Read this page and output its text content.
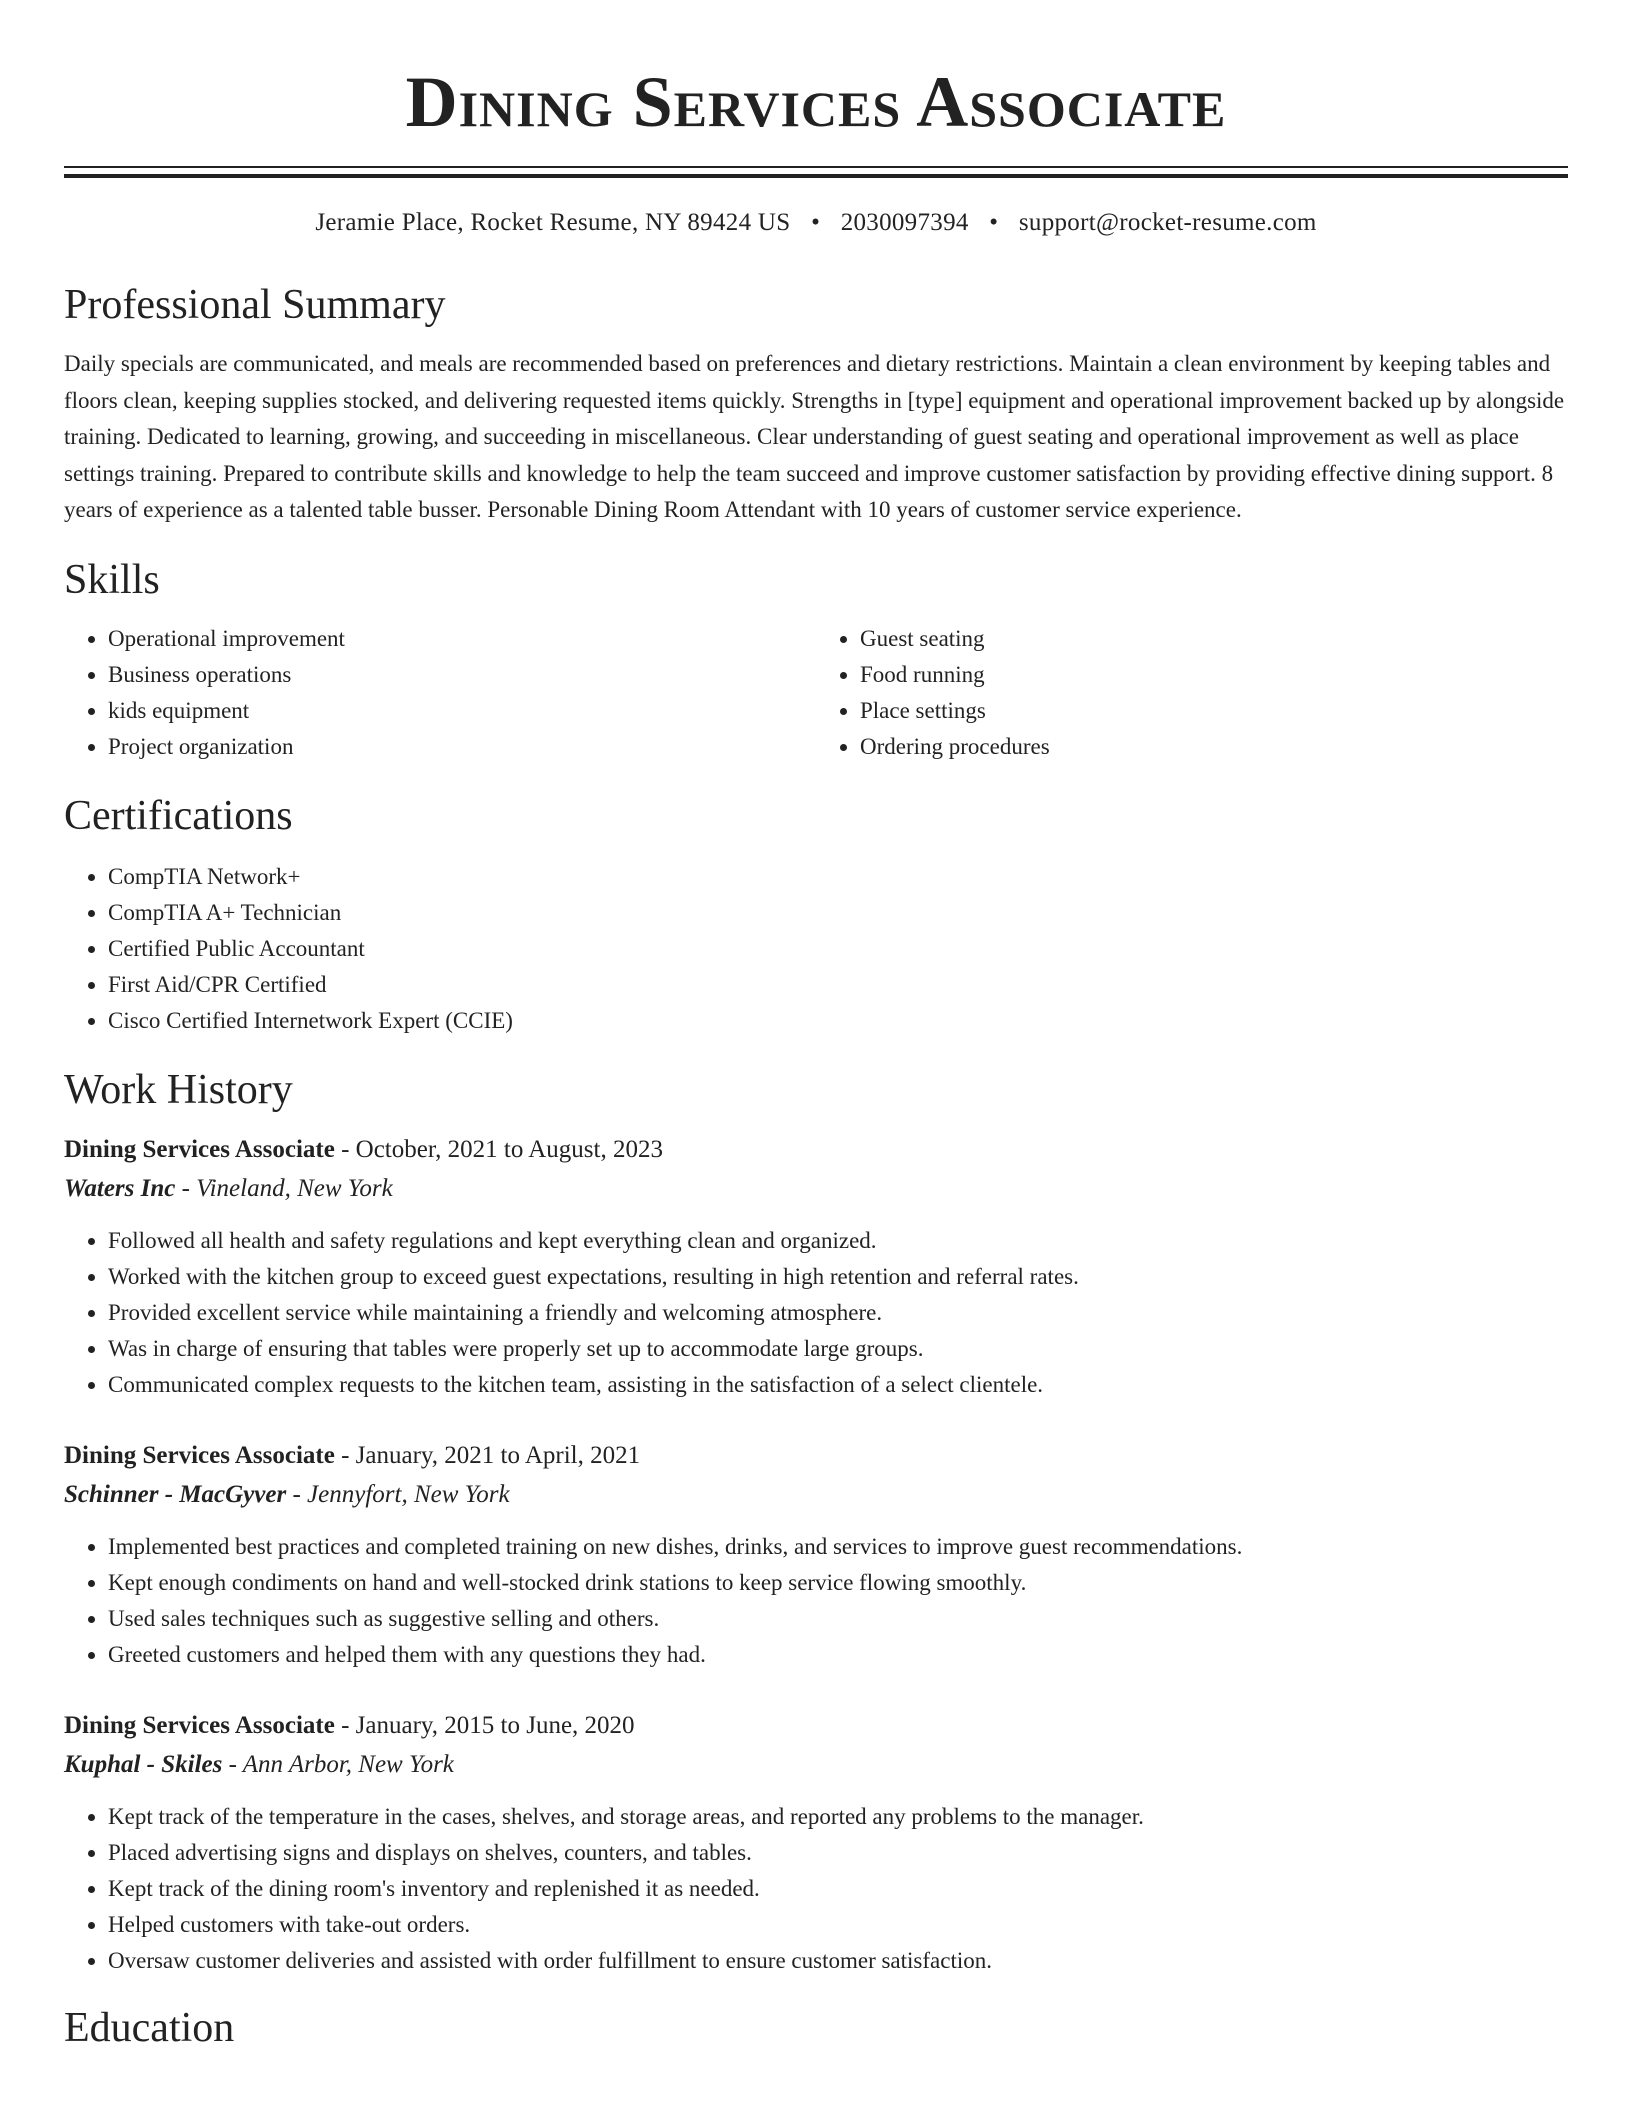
Dining Services Associate
Jeramie Place, Rocket Resume, NY 89424 US • 2030097394 • support@rocket-resume.com
Professional Summary

Daily specials are communicated, and meals are recommended based on preferences and dietary restrictions. Maintain a clean environment by keeping tables and floors clean, keeping supplies stocked, and delivering requested items quickly. Strengths in [type] equipment and operational improvement backed up by alongside training. Dedicated to learning, growing, and succeeding in miscellaneous. Clear understanding of guest seating and operational improvement as well as place settings training. Prepared to contribute skills and knowledge to help the team succeed and improve customer satisfaction by providing effective dining support. 8 years of experience as a talented table busser. Personable Dining Room Attendant with 10 years of customer service experience.

Skills
• Operational improvement
• Business operations
• kids equipment
• Project organization
• Guest seating
• Food running
• Place settings
• Ordering procedures
Certifications
• CompTIA Network+
• CompTIA A+ Technician
• Certified Public Accountant
• First Aid/CPR Certified
• Cisco Certified Internetwork Expert (CCIE)
Work History
Dining Services Associate - October, 2021 to August, 2023
Waters Inc - Vineland, New York
• Followed all health and safety regulations and kept everything clean and organized.
• Worked with the kitchen group to exceed guest expectations, resulting in high retention and referral rates.
• Provided excellent service while maintaining a friendly and welcoming atmosphere.
• Was in charge of ensuring that tables were properly set up to accommodate large groups.
• Communicated complex requests to the kitchen team, assisting in the satisfaction of a select clientele.
Dining Services Associate - January, 2021 to April, 2021
Schinner - MacGyver - Jennyfort, New York
• Implemented best practices and completed training on new dishes, drinks, and services to improve guest recommendations.
• Kept enough condiments on hand and well-stocked drink stations to keep service flowing smoothly.
• Used sales techniques such as suggestive selling and others.
• Greeted customers and helped them with any questions they had.
Dining Services Associate - January, 2015 to June, 2020
Kuphal - Skiles - Ann Arbor, New York
• Kept track of the temperature in the cases, shelves, and storage areas, and reported any problems to the manager.
• Placed advertising signs and displays on shelves, counters, and tables.
• Kept track of the dining room's inventory and replenished it as needed.
• Helped customers with take-out orders.
• Oversaw customer deliveries and assisted with order fulfillment to ensure customer satisfaction.
Education
